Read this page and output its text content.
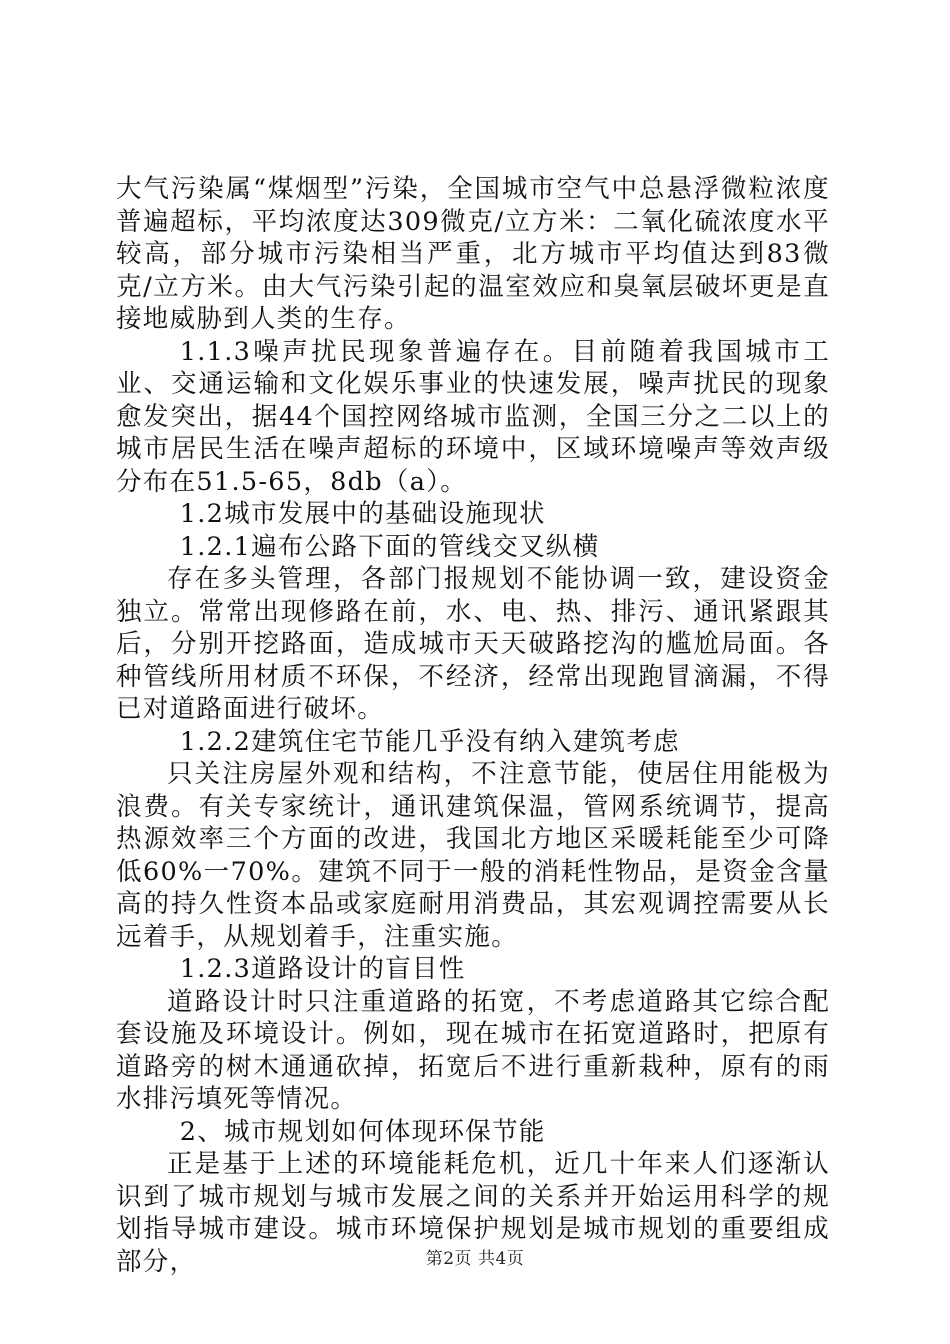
大气污染属“煤烟型”污染，全国城市空气中总悬浮微粒浓度普遍超标，平均浓度达309微克/立方米：二氧化硫浓度水平较高，部分城市污染相当严重，北方城市平均值达到83微克/立方米。由大气污染引起的温室效应和臭氧层破坏更是直接地威胁到人类的生存。

1.1.3噪声扰民现象普遍存在。目前随着我国城市工业、交通运输和文化娱乐事业的快速发展，噪声扰民的现象愈发突出，据44个国控网络城市监测，全国三分之二以上的城市居民生活在噪声超标的环境中，区域环境噪声等效声级分布在51.5-65，8db（a）。

1.2城市发展中的基础设施现状

1.2.1遍布公路下面的管线交叉纵横

存在多头管理，各部门报规划不能协调一致，建设资金独立。常常出现修路在前，水、电、热、排污、通讯紧跟其后，分别开挖路面，造成城市天天破路挖沟的尴尬局面。各种管线所用材质不环保，不经济，经常出现跑冒滴漏，不得已对道路面进行破坏。

1.2.2建筑住宅节能几乎没有纳入建筑考虑

只关注房屋外观和结构，不注意节能，使居住用能极为浪费。有关专家统计，通讯建筑保温，管网系统调节，提高热源效率三个方面的改进，我国北方地区采暖耗能至少可降低60%一70%。建筑不同于一般的消耗性物品，是资金含量高的持久性资本品或家庭耐用消费品，其宏观调控需要从长远着手，从规划着手，注重实施。

1.2.3道路设计的盲目性

道路设计时只注重道路的拓宽，不考虑道路其它综合配套设施及环境设计。例如，现在城市在拓宽道路时，把原有道路旁的树木通通砍掉，拓宽后不进行重新栽种，原有的雨水排污填死等情况。

2、城市规划如何体现环保节能

正是基于上述的环境能耗危机，近几十年来人们逐渐认识到了城市规划与城市发展之间的关系并开始运用科学的规划指导城市建设。城市环境保护规划是城市规划的重要组成部分，	第2页 共4页
